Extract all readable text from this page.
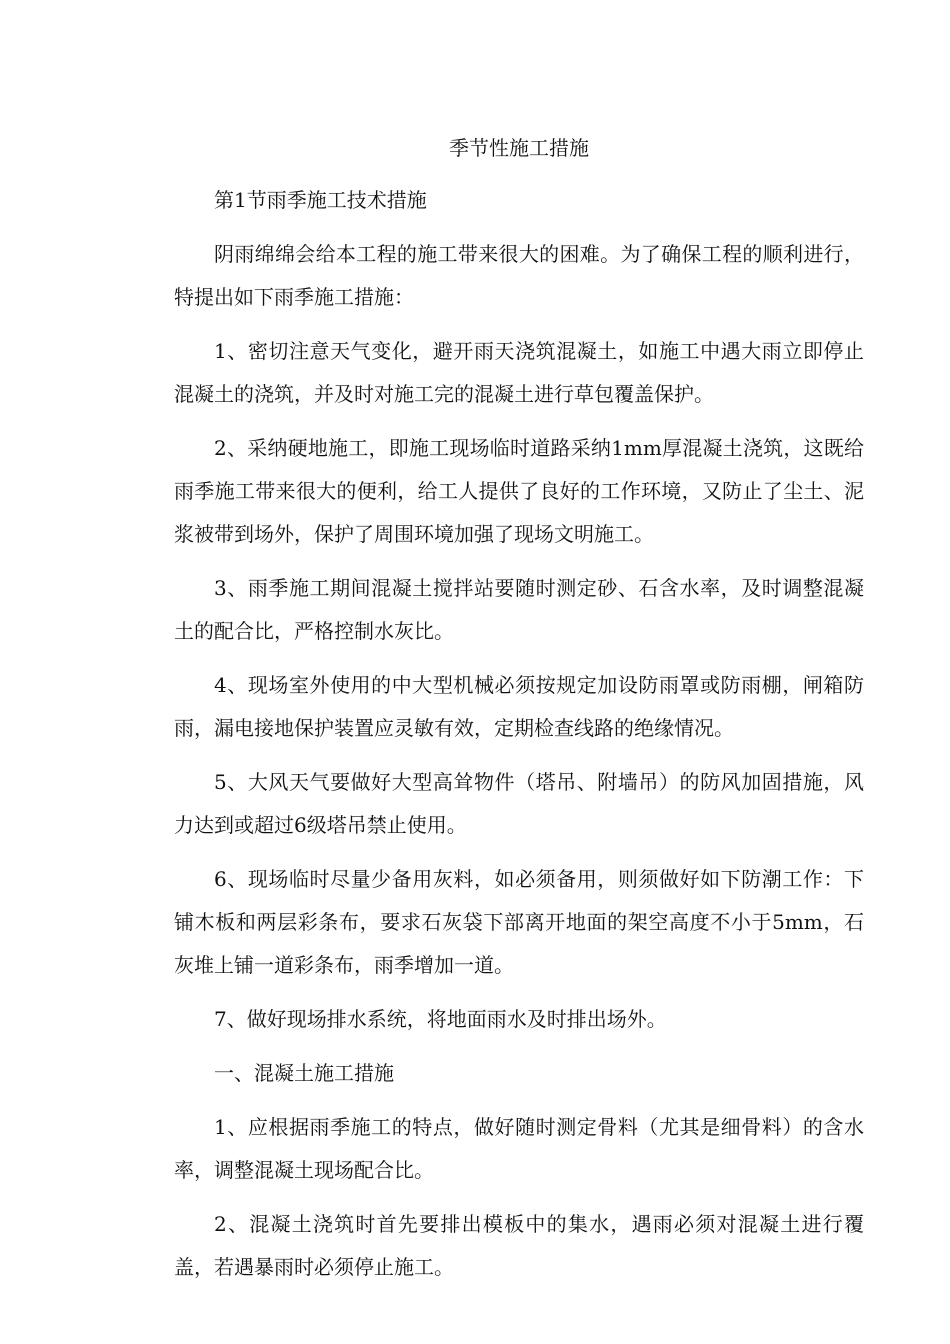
季节性施工措施
第1节雨季施工技术措施
阴雨绵绵会给本工程的施工带来很大的困难。为了确保工程的顺利进行，特提出如下雨季施工措施：
1、密切注意天气变化，避开雨天浇筑混凝土，如施工中遇大雨立即停止混凝土的浇筑，并及时对施工完的混凝土进行草包覆盖保护。
2、采纳硬地施工，即施工现场临时道路采纳1mm厚混凝土浇筑，这既给雨季施工带来很大的便利，给工人提供了良好的工作环境，又防止了尘土、泥浆被带到场外，保护了周围环境加强了现场文明施工。
3、雨季施工期间混凝土搅拌站要随时测定砂、石含水率，及时调整混凝土的配合比，严格控制水灰比。
4、现场室外使用的中大型机械必须按规定加设防雨罩或防雨棚，闸箱防雨，漏电接地保护装置应灵敏有效，定期检查线路的绝缘情况。
5、大风天气要做好大型高耸物件（塔吊、附墙吊）的防风加固措施，风力达到或超过6级塔吊禁止使用。
6、现场临时尽量少备用灰料，如必须备用，则须做好如下防潮工作：下铺木板和两层彩条布，要求石灰袋下部离开地面的架空高度不小于5mm，石灰堆上铺一道彩条布，雨季增加一道。
7、做好现场排水系统，将地面雨水及时排出场外。
一、混凝土施工措施
1、应根据雨季施工的特点，做好随时测定骨料（尤其是细骨料）的含水率，调整混凝土现场配合比。
2、混凝土浇筑时首先要排出模板中的集水，遇雨必须对混凝土进行覆盖，若遇暴雨时必须停止施工。
